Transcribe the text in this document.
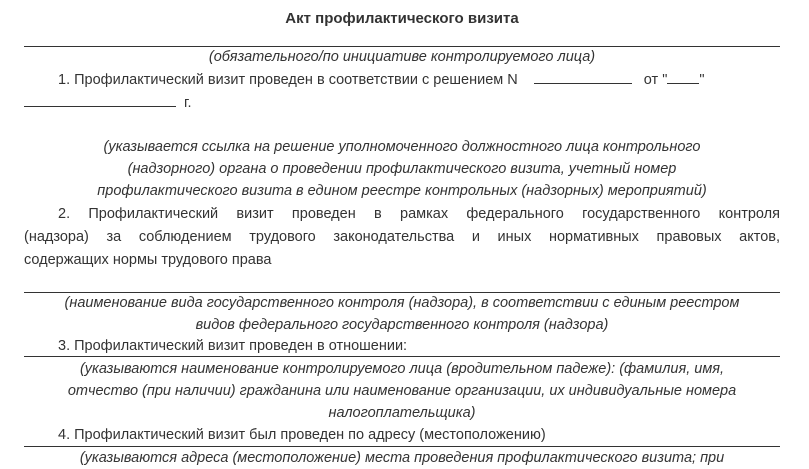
Акт профилактического визита
(обязательного/по инициативе контролируемого лица)
1. Профилактический визит проведен в соответствии с решением N	от " "
г.
(указывается ссылка на решение уполномоченного должностного лица контрольного
(надзорного) органа о проведении профилактического визита, учетный номер
профилактического визита в едином реестре контрольных (надзорных) мероприятий)
2. Профилактический визит проведен в рамках федерального государственного контроля
(надзора) за соблюдением трудового законодательства и иных нормативных правовых актов,
содержащих нормы трудового права
(наименование вида государственного контроля (надзора), в соответствии с единым реестром
видов федерального государственного контроля (надзора)
3. Профилактический визит проведен в отношении:
(указываются наименование контролируемого лица (вродительном падеже): (фамилия, имя,
отчество (при наличии) гражданина или наименование организации, их индивидуальные номера
налогоплательщика)
4. Профилактический визит был проведен по адресу (местоположению)
(указываются адреса (местоположение) места проведения профилактического визита; при
